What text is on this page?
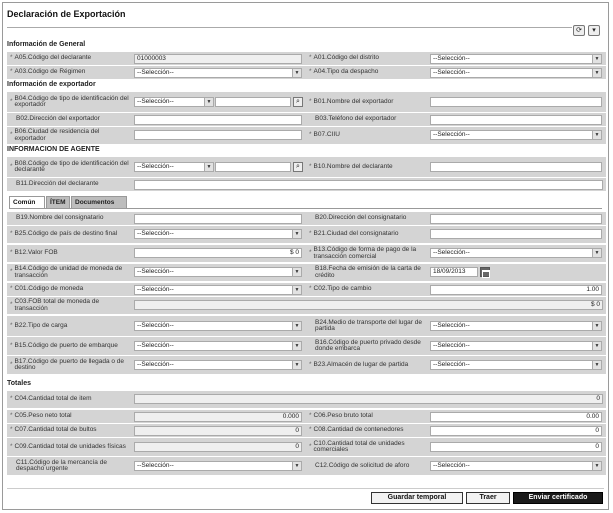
Declaración de Exportación
⟳	▾
Información de General
* A05.Código del declarante	01000003	* A01.Código del distrito	--Selección--	▼
* A03.Código de Régimen	--Selección--	▼ * A04.Tipo da despacho	--Selección--	▼
Información de exportador
* B04.Código de tipo de identificación del exportador	--Selección--	▼	⌕	* B01.Nombre del exportador
B02.Dirección del exportador	B03.Teléfono del exportador
* B06.Ciudad de residencia del exportador	* B07.CIIU	--Selección--	▼
INFORMACION DE AGENTE
* B08.Código de tipo de identificación del declarante	--Selección--	▼	⌕	* B10.Nombre del declarante
B11.Dirección del declarante
Común	ÍTEM	Documentos
B19.Nombre del consignatario	B20.Dirección del consignatario
* B25.Código de país de destino final	--Selección--	▼ * B21.Ciudad del consignatario
* B12.Valor FOB	$ 0	* B13.Código de forma de pago de la transacción comercial	--Selección--	▼
* B14.Código de unidad de moneda de transacción	--Selección--	▼	B18.Fecha de emisión de la carta de crédito	18/09/2013
* C01.Código de moneda	--Selección--	▼ * C02.Tipo de cambio	1.00
* C03.FOB total de moneda de transacción	$ 0
* B22.Tipo de carga	--Selección--	▼
B24.Medio de transporte del lugar de partida	--Selección--	▼
* B15.Código de puerto de embarque	--Selección--	▼
B16.Código de puerto privado desde donde embarca	--Selección--	▼
* B17.Código de puerto de llegada o de destino	--Selección--	▼ * B23.Almacén de lugar de partida	--Selección--	▼
Totales
* C04.Cantidad total de item	0
* C05.Peso neto total	0.000	* C06.Peso bruto total	0.00
* C07.Cantidad total de bultos	0	* C08.Cantidad de contenedores	0
* C09.Cantidad total de unidades físicas	0	* C10.Cantidad total de unidades comerciales	0
C11.Código de la mercancía de despacho urgente	--Selección--	▼	C12.Código de solicitud de aforo	--Selección--	▼
Guardar temporal	Traer	Enviar certificado
